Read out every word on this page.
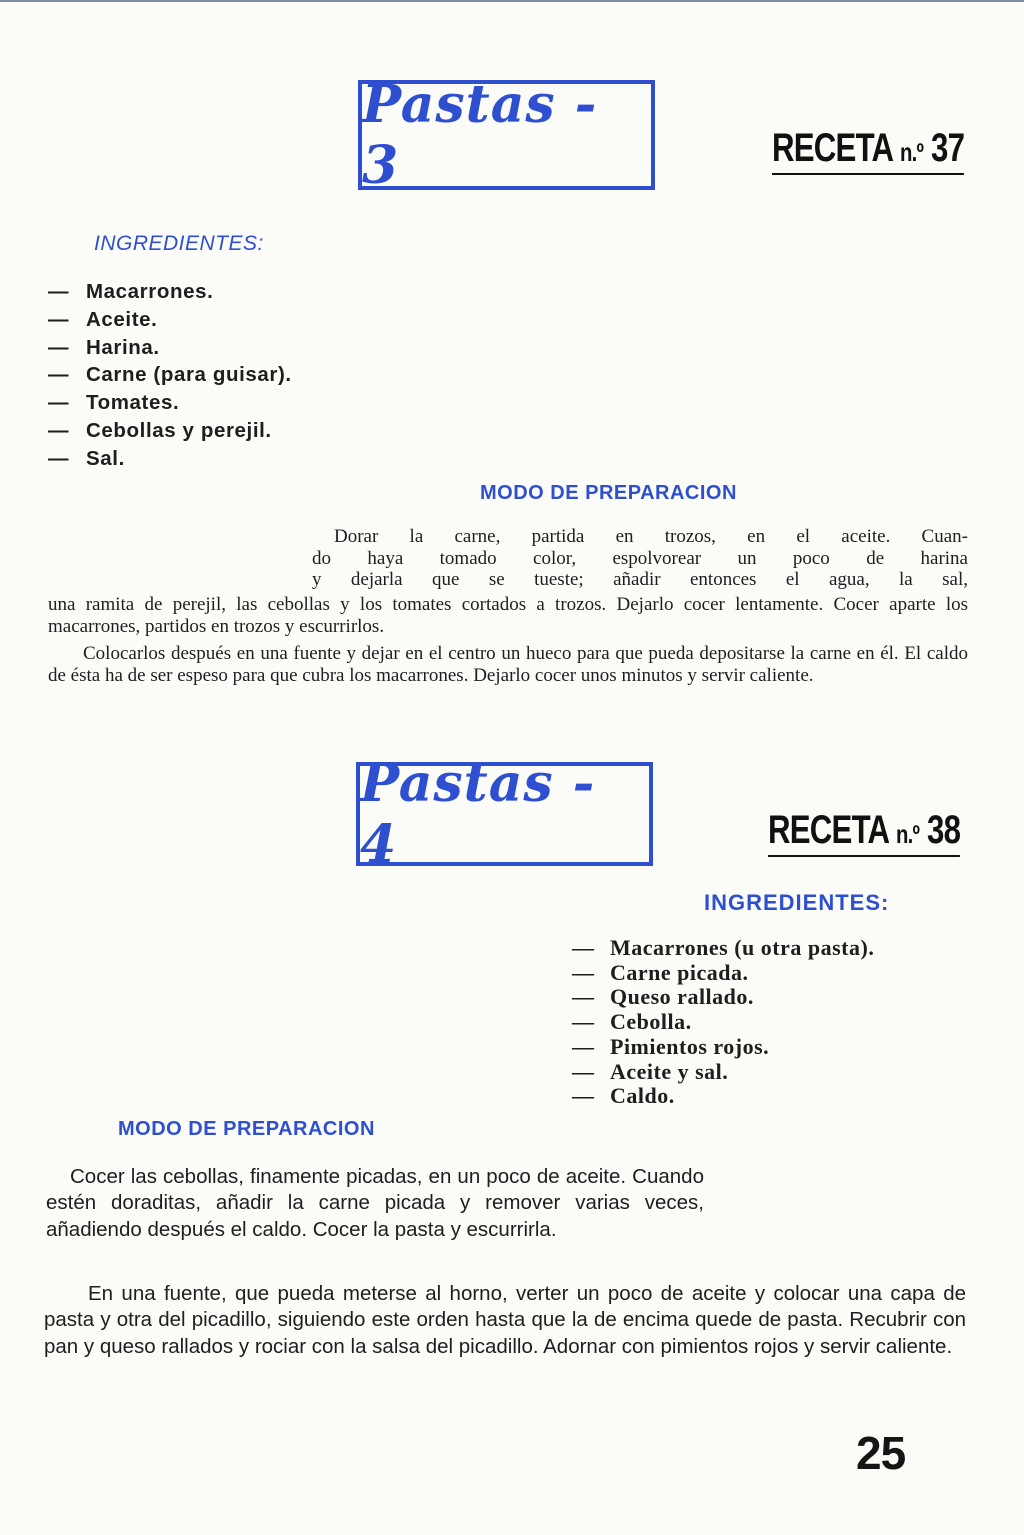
Pastas - 3	RECETA n.º 37
INGREDIENTES:
— Macarrones.
— Aceite.
— Harina.
— Carne (para guisar).
— Tomates.
— Cebollas y perejil.
— Sal.
MODO DE PREPARACION

Dorar la carne, partida en trozos, en el aceite. Cuan-

do haya tomado color, espolvorear un poco de harina

y dejarla que se tueste; añadir entonces el agua, la sal,

una ramita de perejil, las cebollas y los tomates cortados a trozos. Dejarlo cocer lentamente. Cocer aparte los macarrones, partidos en trozos y escurrirlos.

Colocarlos después en una fuente y dejar en el centro un hueco para que pueda depositarse la carne en él. El caldo de ésta ha de ser espeso para que cubra los macarrones. Dejarlo cocer unos minutos y servir caliente.

Pastas - 4	RECETA n.º 38
INGREDIENTES:
— Macarrones (u otra pasta).
— Carne picada.
— Queso rallado.
— Cebolla.
— Pimientos rojos.
— Aceite y sal.
— Caldo.
MODO DE PREPARACION

Cocer las cebollas, finamente picadas, en un poco de aceite. Cuando estén doraditas, añadir la carne picada y remover varias veces, añadiendo después el caldo. Cocer la pasta y escurrirla.

En una fuente, que pueda meterse al horno, verter un poco de aceite y colocar una capa de pasta y otra del picadillo, siguiendo este orden hasta que la de encima quede de pasta. Recubrir con pan y queso rallados y rociar con la salsa del picadillo. Adornar con pimientos rojos y servir caliente.

25
